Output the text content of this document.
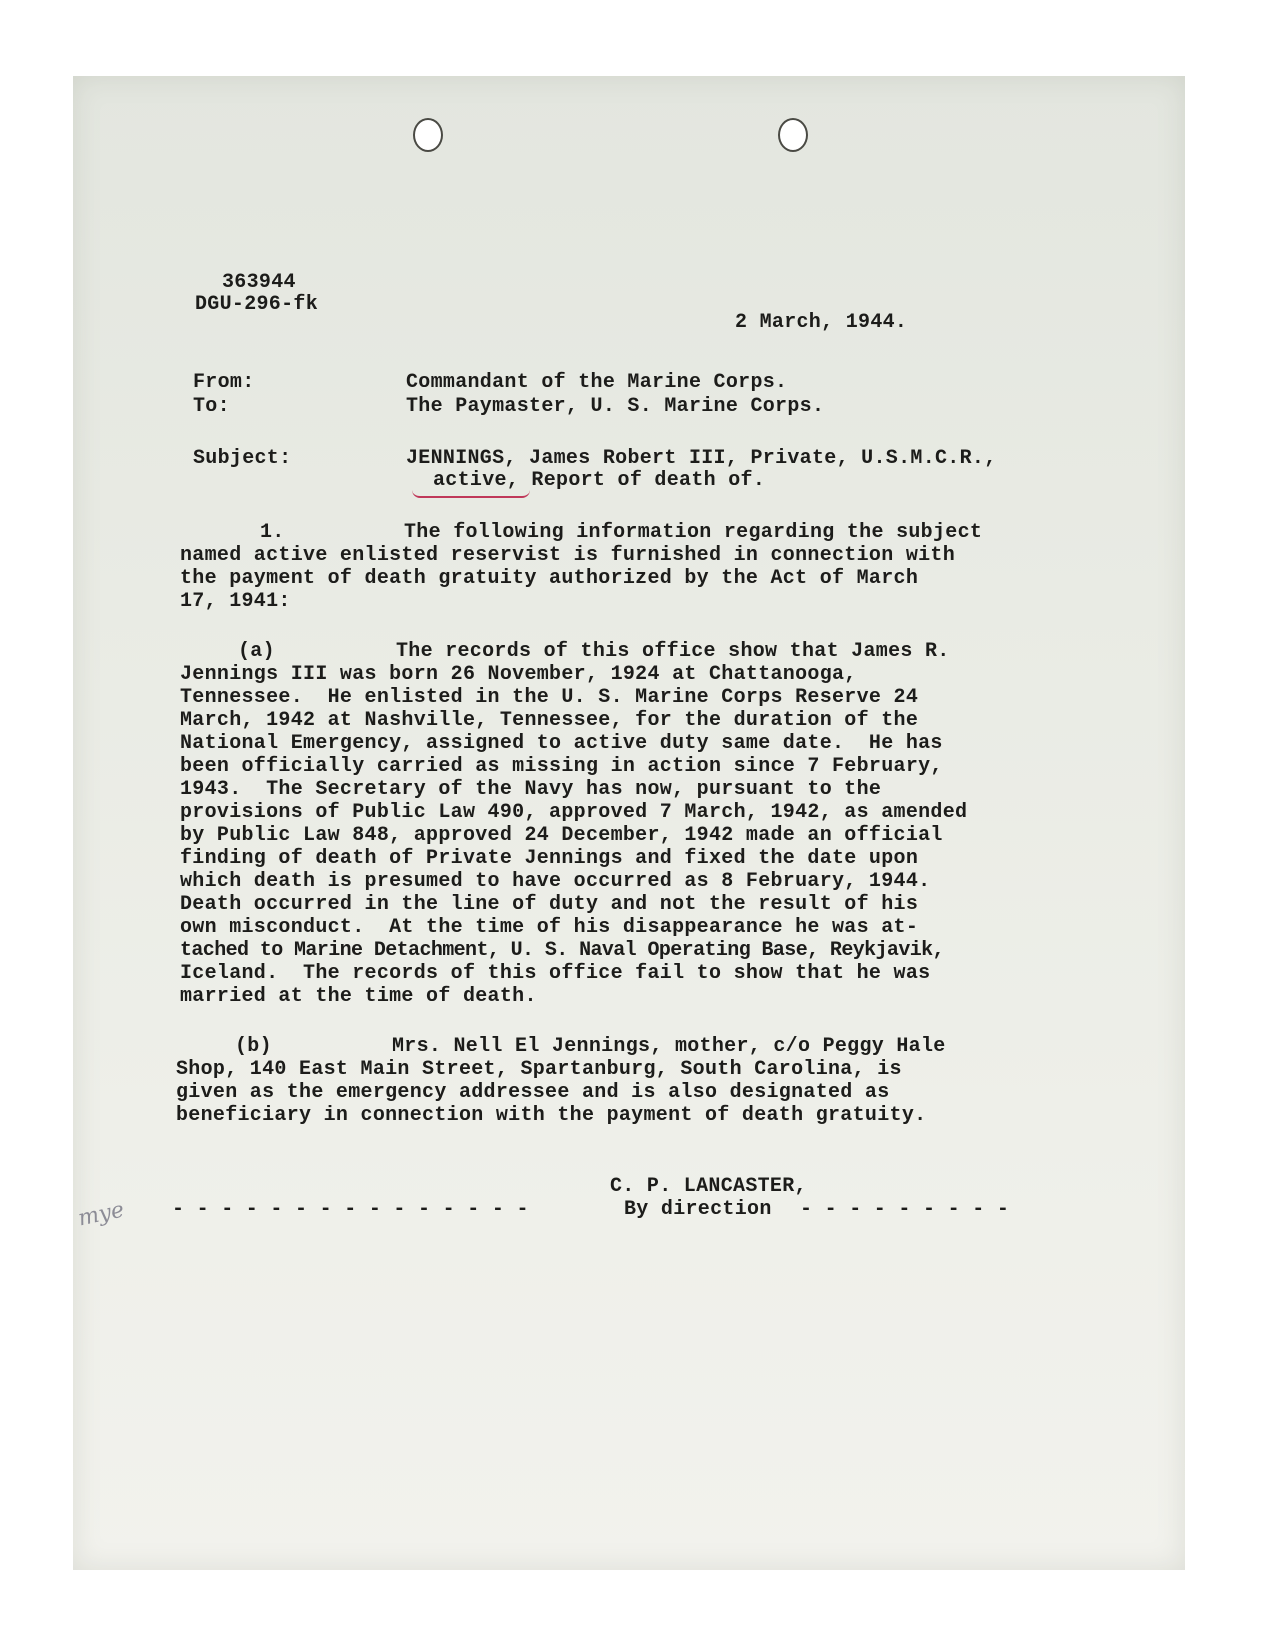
363944
DGU-296-fk
2 March, 1944.
From:	Commandant of the Marine Corps.
To:	The Paymaster, U. S. Marine Corps.
Subject:	JENNINGS, James Robert III, Private, U.S.M.C.R.,
active, Report of death of.
1.	The following information regarding the subject
named active enlisted reservist is furnished in connection with
the payment of death gratuity authorized by the Act of March
17, 1941:
(a)	The records of this office show that James R.
Jennings III was born 26 November, 1924 at Chattanooga,
Tennessee.  He enlisted in the U. S. Marine Corps Reserve 24
March, 1942 at Nashville, Tennessee, for the duration of the
National Emergency, assigned to active duty same date.  He has
been officially carried as missing in action since 7 February,
1943.  The Secretary of the Navy has now, pursuant to the
provisions of Public Law 490, approved 7 March, 1942, as amended
by Public Law 848, approved 24 December, 1942 made an official
finding of death of Private Jennings and fixed the date upon
which death is presumed to have occurred as 8 February, 1944.
Death occurred in the line of duty and not the result of his
own misconduct.  At the time of his disappearance he was at-
tached to Marine Detachment, U. S. Naval Operating Base, Reykjavik,
Iceland.  The records of this office fail to show that he was
married at the time of death.
(b)	Mrs. Nell El Jennings, mother, c/o Peggy Hale
Shop, 140 East Main Street, Spartanburg, South Carolina, is
given as the emergency addressee and is also designated as
beneficiary in connection with the payment of death gratuity.
mye
C. P. LANCASTER,
- - - - - - - - - - - - - - -	By direction - - - - - - - - -
